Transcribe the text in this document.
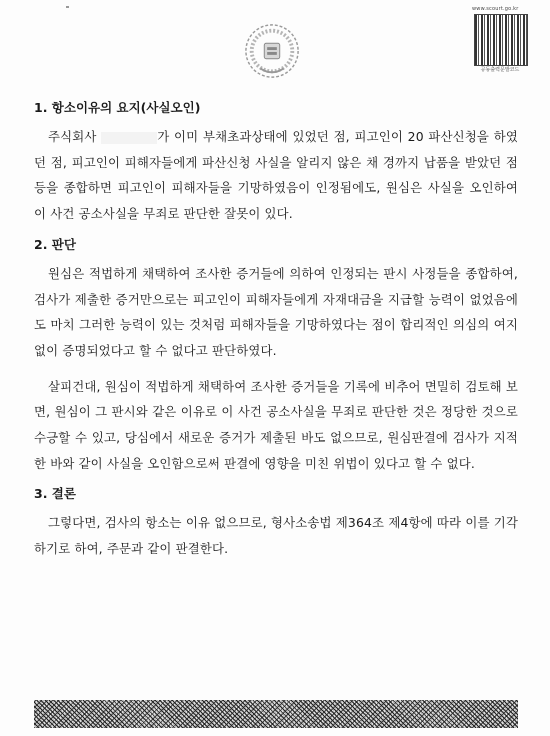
www.scourt.go.kr
공동출력문발코드

1. 항소이유의 요지(사실오인)

주식회사	가 이미 부채초과상태에 있었던 점, 피고인이 20 파산신청을 하였던 점, 피고인이 피해자들에게 파산신청 사실을 알리지 않은 채 경까지 납품을 받았던 점 등을 종합하면 피고인이 피해자들을 기망하였음이 인정됨에도, 원심은 사실을 오인하여 이 사건 공소사실을 무죄로 판단한 잘못이 있다.

2. 판단

원심은 적법하게 채택하여 조사한 증거들에 의하여 인정되는 판시 사정들을 종합하여, 검사가 제출한 증거만으로는 피고인이 피해자들에게 자재대금을 지급할 능력이 없었음에도 마치 그러한 능력이 있는 것처럼 피해자들을 기망하였다는 점이 합리적인 의심의 여지없이 증명되었다고 할 수 없다고 판단하였다.

살피건대, 원심이 적법하게 채택하여 조사한 증거들을 기록에 비추어 면밀히 검토해 보면, 원심이 그 판시와 같은 이유로 이 사건 공소사실을 무죄로 판단한 것은 정당한 것으로 수긍할 수 있고, 당심에서 새로운 증거가 제출된 바도 없으므로, 원심판결에 검사가 지적한 바와 같이 사실을 오인함으로써 판결에 영향을 미친 위법이 있다고 할 수 없다.

3. 결론

그렇다면, 검사의 항소는 이유 없으므로, 형사소송법 제364조 제4항에 따라 이를 기각하기로 하여, 주문과 같이 판결한다.
